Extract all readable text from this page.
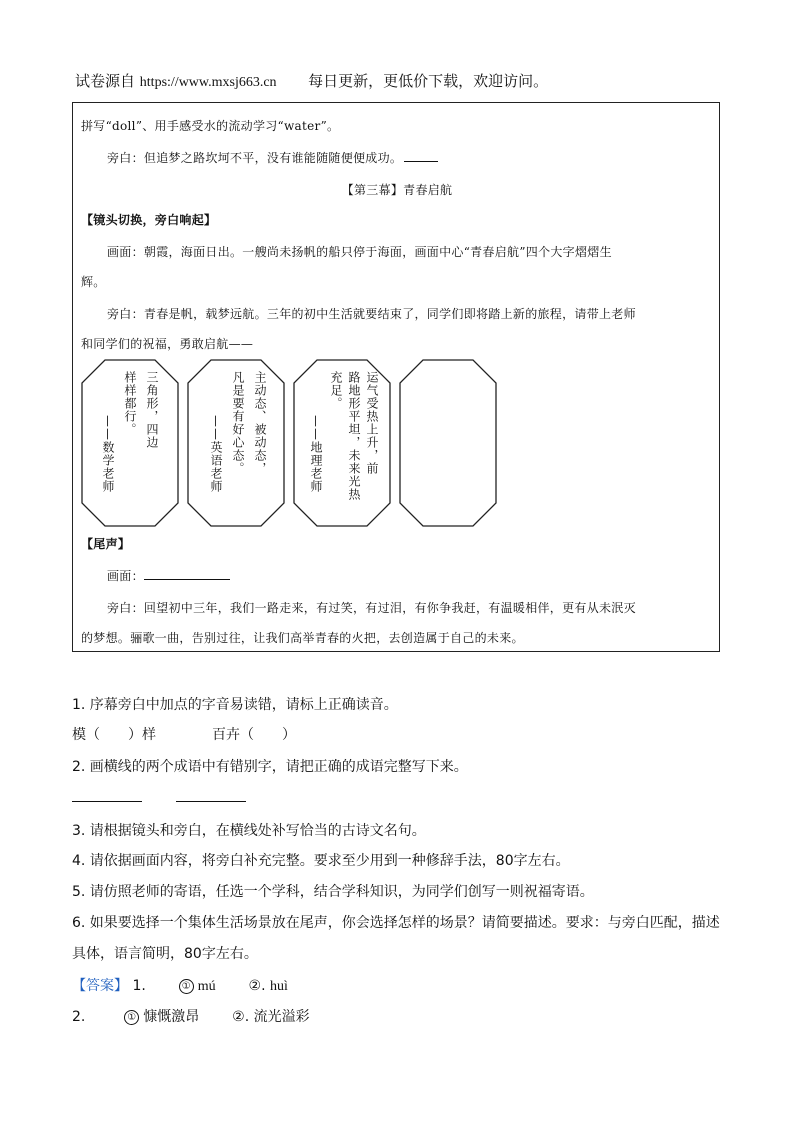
试卷源自 https://www.mxsj663.cn 每日更新，更低价下载，欢迎访问。
拼写“doll”、用手感受水的流动学习“water”。
旁白：但追梦之路坎坷不平，没有谁能随随便便成功。
【第三幕】青春启航
【镜头切换，旁白响起】
画面：朝霞，海面日出。一艘尚未扬帆的船只停于海面，画面中心“青春启航”四个大字熠熠生
辉。
旁白：青春是帆，载梦远航。三年的初中生活就要结束了，同学们即将踏上新的旅程，请带上老师
和同学们的祝福，勇敢启航——
三角形，四边
样样都行。
——数学老师	主动态、被动态，
凡是要有好心态。
——英语老师	运气受热上升，前
路地形平坦，未来光热
充足。
——地理老师
【尾声】
画面：
旁白：回望初中三年，我们一路走来，有过笑，有过泪，有你争我赶，有温暖相伴，更有从未泯灭
的梦想。骊歌一曲，告别过往，让我们高举青春的火把，去创造属于自己的未来。
1. 序幕旁白中加点的字音易读错，请标上正确读音。
模（　　）样　　　　百卉（　　）
2. 画横线的两个成语中有错别字，请把正确的成语完整写下来。
3. 请根据镜头和旁白，在横线处补写恰当的古诗文名句。
4. 请依据画面内容，将旁白补充完整。要求至少用到一种修辞手法，80字左右。
5. 请仿照老师的寄语，任选一个学科，结合学科知识，为同学们创写一则祝福寄语。
6. 如果要选择一个集体生活场景放在尾声，你会选择怎样的场景？请简要描述。要求：与旁白匹配，描述
具体，语言简明，80字左右。
【答案】 1.	① mú ②. huì
2.	① 慷慨激昂 ②. 流光溢彩
